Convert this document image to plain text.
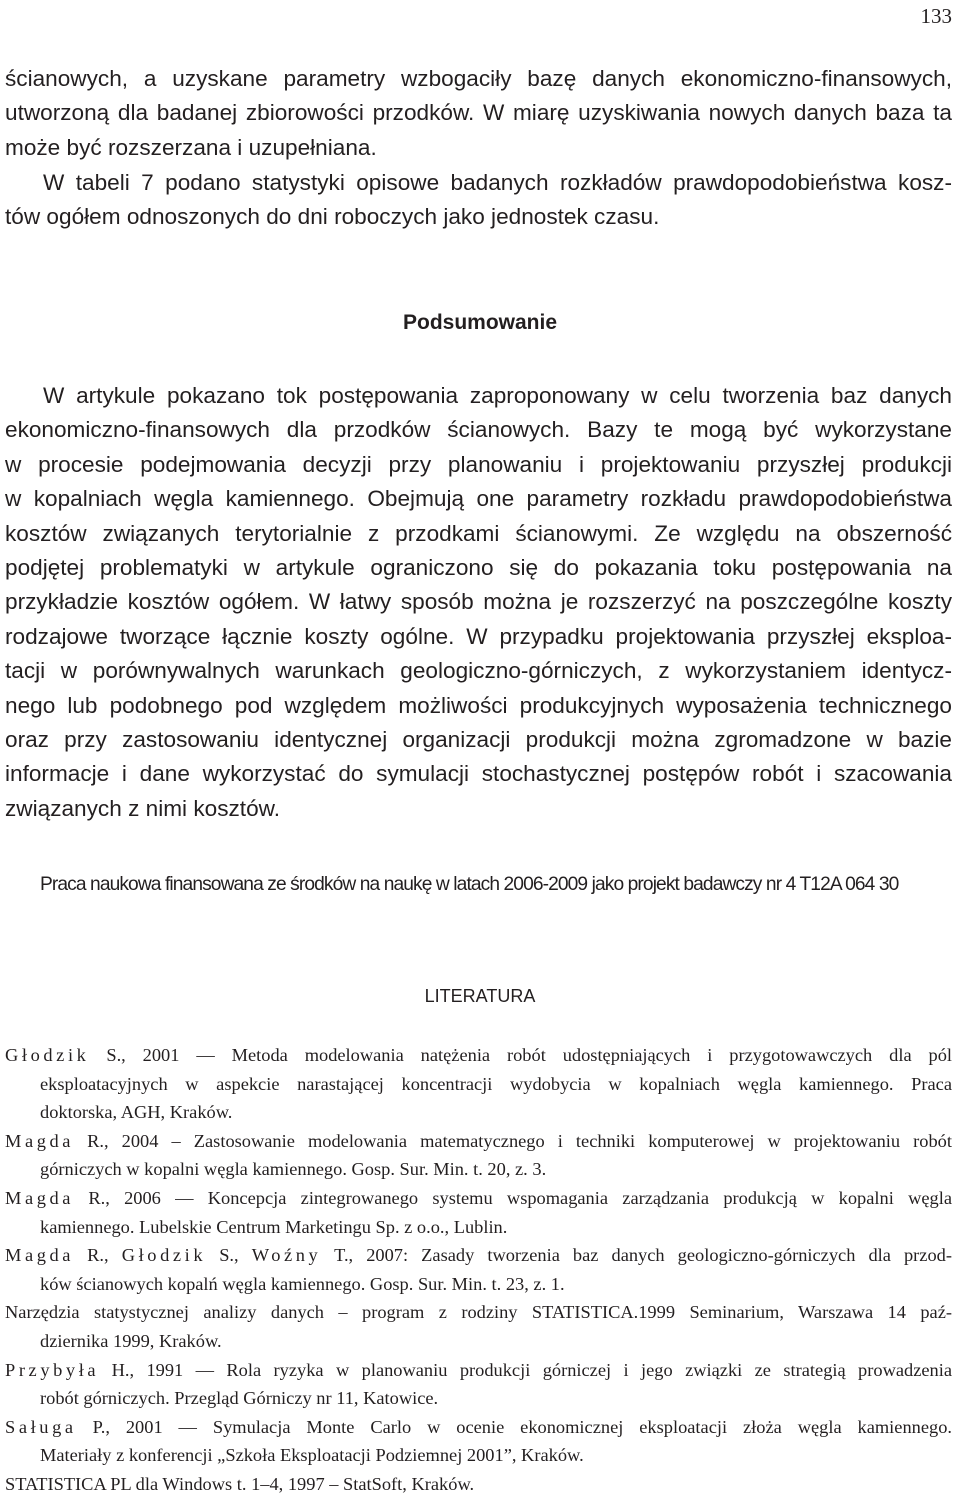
133
ścianowych, a uzyskane parametry wzbogaciły bazę danych ekonomiczno-finansowych,
utworzoną dla badanej zbiorowości przodków. W miarę uzyskiwania nowych danych baza ta
może być rozszerzana i uzupełniana.
W tabeli 7 podano statystyki opisowe badanych rozkładów prawdopodobieństwa kosz-
tów ogółem odnoszonych do dni roboczych jako jednostek czasu.
Podsumowanie
W artykule pokazano tok postępowania zaproponowany w celu tworzenia baz danych
ekonomiczno-finansowych dla przodków ścianowych. Bazy te mogą być wykorzystane
w procesie podejmowania decyzji przy planowaniu i projektowaniu przyszłej produkcji
w kopalniach węgla kamiennego. Obejmują one parametry rozkładu prawdopodobieństwa
kosztów związanych terytorialnie z przodkami ścianowymi. Ze względu na obszerność
podjętej problematyki w artykule ograniczono się do pokazania toku postępowania na
przykładzie kosztów ogółem. W łatwy sposób można je rozszerzyć na poszczególne koszty
rodzajowe tworzące łącznie koszty ogólne. W przypadku projektowania przyszłej eksploa-
tacji w porównywalnych warunkach geologiczno-górniczych, z wykorzystaniem identycz-
nego lub podobnego pod względem możliwości produkcyjnych wyposażenia technicznego
oraz przy zastosowaniu identycznej organizacji produkcji można zgromadzone w bazie
informacje i dane wykorzystać do symulacji stochastycznej postępów robót i szacowania
związanych z nimi kosztów.
Praca naukowa finansowana ze środków na naukę w latach 2006-2009 jako projekt badawczy nr 4 T12A 064 30
LITERATURA
Głodzik S., 2001 — Metoda modelowania natężenia robót udostępniających i przygotowawczych dla pól
eksploatacyjnych w aspekcie narastającej koncentracji wydobycia w kopalniach węgla kamiennego. Praca
doktorska, AGH, Kraków.
Magda R., 2004 – Zastosowanie modelowania matematycznego i techniki komputerowej w projektowaniu robót
górniczych w kopalni węgla kamiennego. Gosp. Sur. Min. t. 20, z. 3.
Magda R., 2006 — Koncepcja zintegrowanego systemu wspomagania zarządzania produkcją w kopalni węgla
kamiennego. Lubelskie Centrum Marketingu Sp. z o.o., Lublin.
Magda R., Głodzik S., Woźny T., 2007: Zasady tworzenia baz danych geologiczno-górniczych dla przod-
ków ścianowych kopalń węgla kamiennego. Gosp. Sur. Min. t. 23, z. 1.
Narzędzia statystycznej analizy danych – program z rodziny STATISTICA.1999 Seminarium, Warszawa 14 paź-
dziernika 1999, Kraków.
Przybyła H., 1991 — Rola ryzyka w planowaniu produkcji górniczej i jego związki ze strategią prowadzenia
robót górniczych. Przegląd Górniczy nr 11, Katowice.
Saługa P., 2001 — Symulacja Monte Carlo w ocenie ekonomicznej eksploatacji złoża węgla kamiennego.
Materiały z konferencji „Szkoła Eksploatacji Podziemnej 2001”, Kraków.
STATISTICA PL dla Windows t. 1–4, 1997 – StatSoft, Kraków.
